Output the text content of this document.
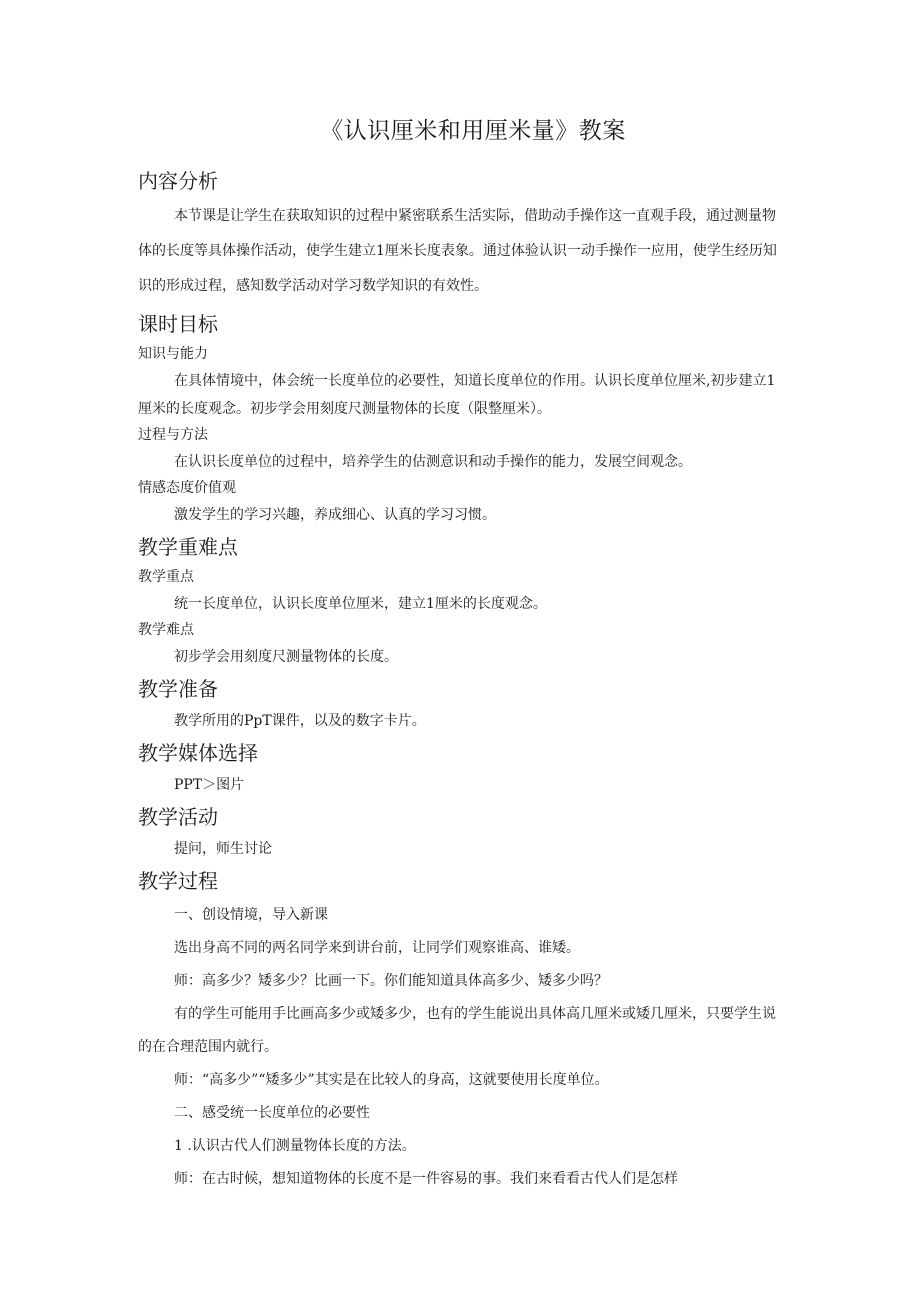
《认识厘米和用厘米量》教案
内容分析

本节课是让学生在获取知识的过程中紧密联系生活实际，借助动手操作这一直观手段，通过测量物体的长度等具体操作活动，使学生建立1厘米长度表象。通过体验认识一动手操作一应用，使学生经历知识的形成过程，感知数学活动对学习数学知识的有效性。

课时目标
知识与能力

在具体情境中，体会统一长度单位的必要性，知道长度单位的作用。认识长度单位厘米,初步建立1厘米的长度观念。初步学会用刻度尺测量物体的长度（限整厘米）。

过程与方法

在认识长度单位的过程中，培养学生的估测意识和动手操作的能力，发展空间观念。

情感态度价值观

激发学生的学习兴趣，养成细心、认真的学习习惯。

教学重难点
教学重点

统一长度单位，认识长度单位厘米，建立1厘米的长度观念。

教学难点

初步学会用刻度尺测量物体的长度。

教学准备

教学所用的PpT课件，以及的数字卡片。

教学媒体选择

PPT＞图片

教学活动

提问，师生讨论

教学过程

一、创设情境，导入新课

选出身高不同的两名同学来到讲台前，让同学们观察谁高、谁矮。

师：高多少？矮多少？比画一下。你们能知道具体高多少、矮多少吗？

有的学生可能用手比画高多少或矮多少，也有的学生能说出具体高几厘米或矮几厘米，只要学生说的在合理范围内就行。

师：“高多少”“矮多少”其实是在比较人的身高，这就要使用长度单位。

二、感受统一长度单位的必要性

1 .认识古代人们测量物体长度的方法。

师：在古时候，想知道物体的长度不是一件容易的事。我们来看看古代人们是怎样
